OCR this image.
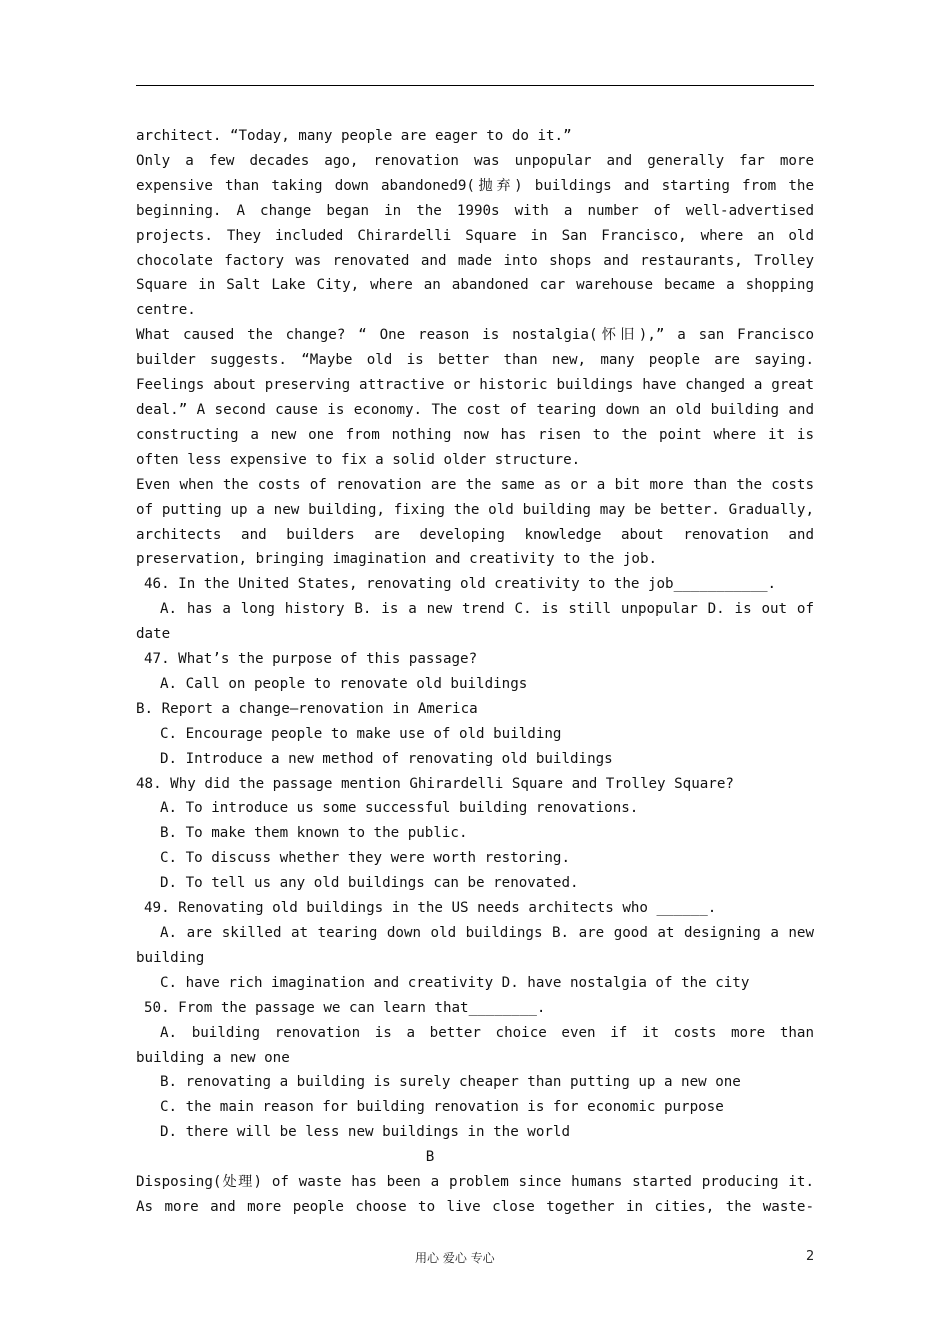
architect. “Today, many people are eager to do it.”

Only a few decades ago, renovation was unpopular and generally far more expensive than taking down abandoned9(抛弃) buildings and starting from the beginning. A change began in the 1990s with a number of well-advertised projects. They included Chirardelli Square in San Francisco, where an old chocolate factory was renovated and made into shops and restaurants, Trolley Square in Salt Lake City, where an abandoned car warehouse became a shopping centre.

What caused the change? “ One reason is nostalgia(怀旧),” a san Francisco builder suggests. “Maybe old is better than new, many people are saying. Feelings about preserving attractive or historic buildings have changed a great deal.” A second cause is economy. The cost of tearing down an old building and constructing a new one from nothing now has risen to the point where it is often less expensive to fix a solid older structure.

Even when the costs of renovation are the same as or a bit more than the costs of putting up a new building, fixing the old building may be better. Gradually, architects and builders are developing knowledge about renovation and preservation, bringing imagination and creativity to the job.

46. In the United States, renovating old creativity to the job___________.

A. has a long history B. is a new trend C. is still unpopular D. is out of date

47. What’s the purpose of this passage?

A. Call on people to renovate old buildings

B. Report a change—renovation in America

C. Encourage people to make use of old building

D. Introduce a new method of renovating old buildings

48. Why did the passage mention Ghirardelli Square and Trolley Square?

A. To introduce us some successful building renovations.

B. To make them known to the public.

C. To discuss whether they were worth restoring.

D. To tell us any old buildings can be renovated.

49. Renovating old buildings in the US needs architects who ______.

A. are skilled at tearing down old buildings B. are good at designing a new building

C. have rich imagination and creativity D. have nostalgia of the city

50. From the passage we can learn that________.

A. building renovation is a better choice even if it costs more than building a new one

B. renovating a building is surely cheaper than putting up a new one

C. the main reason for building renovation is for economic purpose

D. there will be less new buildings in the world

B

Disposing(处理) of waste has been a problem since humans started producing it. As more and more people choose to live close together in cities, the waste-

用心 爱心 专心	2
